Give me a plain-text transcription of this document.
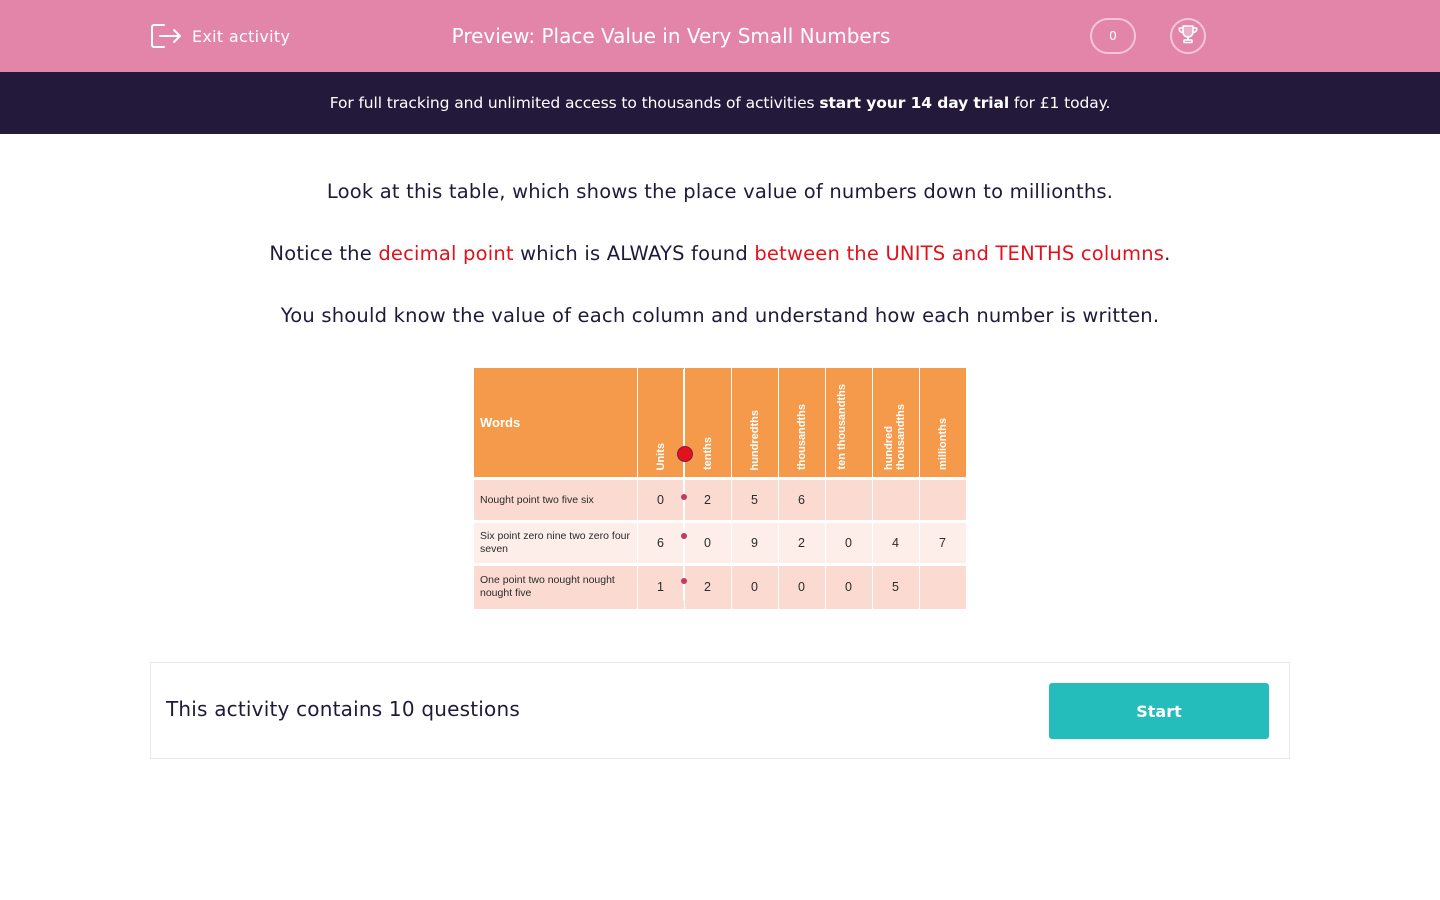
Exit activity	Preview: Place Value in Very Small Numbers	0
For full tracking and unlimited access to thousands of activities start your 14 day trial for £1 today.
Look at this table, which shows the place value of numbers down to millionths.
Notice the decimal point which is ALWAYS found between the UNITS and TENTHS columns.
You should know the value of each column and understand how each number is written.
Words	Units	tenths	hundredths	thousandths	ten thousandths	hundred thousandths	millionths
Nought point two five six	0	2	5	6			
Six point zero nine two zero four seven	6	0	9	2	0	4	7
One point two nought nought nought five	1	2	0	0	0	5	
This activity contains 10 questions	Start
